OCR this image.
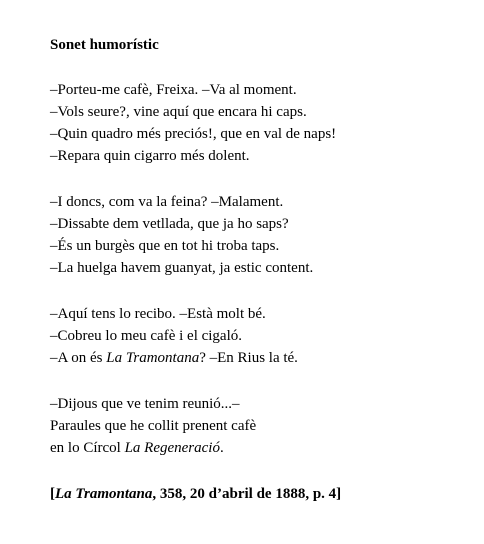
Sonet humorístic
–Porteu-me cafè, Freixa. –Va al moment.
–Vols seure?, vine aquí que encara hi caps.
–Quin quadro més preciós!, que en val de naps!
–Repara quin cigarro més dolent.
–I doncs, com va la feina? –Malament.
–Dissabte dem vetllada, que ja ho saps?
–És un burgès que en tot hi troba taps.
–La huelga havem guanyat, ja estic content.
–Aquí tens lo recibo. –Està molt bé.
–Cobreu lo meu cafè i el cigaló.
–A on és La Tramontana? –En Rius la té.
–Dijous que ve tenim reunió...–
Paraules que he collit prenent cafè
en lo Círcol La Regeneració.
[La Tramontana, 358, 20 d’abril de 1888, p. 4]
